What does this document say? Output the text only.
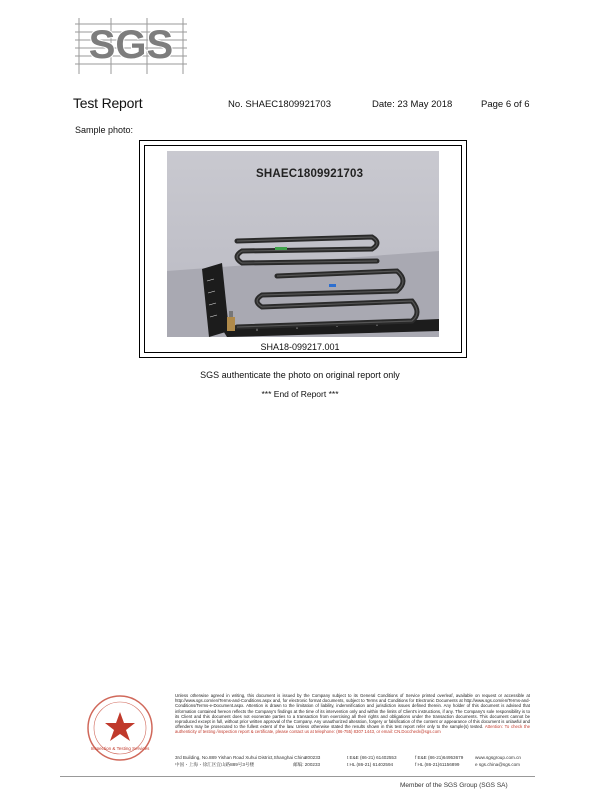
SGS
Test Report	No. SHAEC1809921703	Date: 23 May 2018	Page 6 of 6
Sample photo:
SHAEC1809921703
SHA18-099217.001
SGS authenticate the photo on original report only
*** End of Report ***
Inspection & Testing Services
Unless otherwise agreed in writing, this document is issued by the Company subject to its General Conditions of Service printed overleaf, available on request or accessible at http://www.sgs.com/en/Terms-and-Conditions.aspx and, for electronic format documents, subject to Terms and Conditions for Electronic Documents at http://www.sgs.com/en/Terms-and-Conditions/Terms-e-Document.aspx. Attention is drawn to the limitation of liability, indemnification and jurisdiction issues defined therein. Any holder of this document is advised that information contained hereon reflects the Company's findings at the time of its intervention only and within the limits of Client's instructions, if any. The Company's sole responsibility is to its Client and this document does not exonerate parties to a transaction from exercising all their rights and obligations under the transaction documents. This document cannot be reproduced except in full, without prior written approval of the Company. Any unauthorized alteration, forgery or falsification of the content or appearance of this document is unlawful and offenders may be prosecuted to the fullest extent of the law. Unless otherwise stated the results shown in this test report refer only to the sample(s) tested. Attention: To check the authenticity of testing /inspection report & certificate, please contact us at telephone: (86-755) 8307 1443, or email: CN.Doccheck@sgs.com
3rd Building, No.889 Yishan Road Xuhui District,Shanghai China
200233	t E&E (86-21) 61402553	f E&E (86-21)64953679	www.sgsgroup.com.cn
中国・上海・徐汇区宜山路889号3号楼	邮编: 200233	t HL (86-21) 61402594	f HL (86-21)61156899	e sgs.china@sgs.com
Member of the SGS Group (SGS SA)
